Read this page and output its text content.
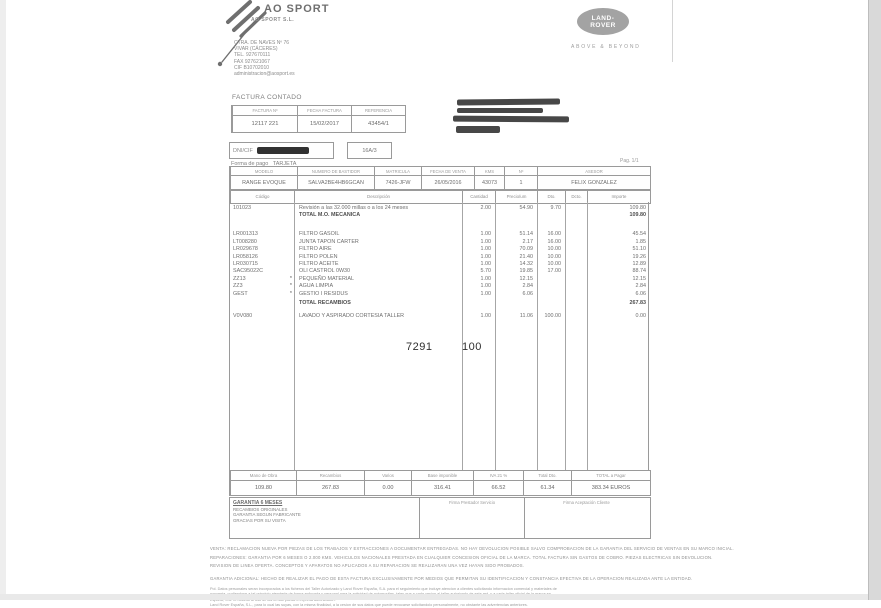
AO SPORT
AO SPORT S.L.
CTRA. DE NAVES Nº 76
VIVAR (CÁCERES)
TEL. 927670111
FAX 927621067
CIF B10702010
administracion@aosport.es
LAND-
ROVER
ABOVE & BEYOND
FACTURA CONTADO
FACTURA Nº	FECHA FACTURA	REFERENCIA
12117 221	15/02/2017	43454/1
DNI/CIF	16A/3
Forma de pago TARJETA	Pag. 1/1
MODELO	NUMERO DE BASTIDOR	MATRICULA	FECHA DE VENTA	KMS	Nº	ASESOR
RANGE EVOQUE	SALVA2BE4HB6GCAN	7426-JFW	26/05/2016	43073	1	FELIX GONZALEZ
Código	Descripción	Cantidad	Precio/um	Dto.	Dcto.	Importe
101023	Revisión a las 32.000 millas o a los 24 meses	2.00	54.90	9.70	109.80
TOTAL M.O. MECANICA	109.80
LR001313	FILTRO GASOIL	1.00	51.14	16.00	45.54
LT008280	JUNTA TAPON CARTER	1.00	2.17	16.00	1.85
LR029678	FILTRO AIRE	1.00	70.09	10.00	51.10
LR058126	FILTRO POLEN	1.00	21.40	10.00	19.26
LR030715	FILTRO ACEITE	1.00	14.32	10.00	12.89
SAC95022C	OLI CASTROL 0W30	5.70	19.85	17.00	88.74
ZZ13	*	PEQUEÑO MATERIAL	1.00	12.15	12.15
ZZ3	*	AGUA LIMPIA	1.00	2.84	2.84
GEST	*	GESTIO I RESIDUS	1.00	6.06	6.06
TOTAL RECAMBIOS	267.83
V0V080	LAVADO Y ASPIRADO CORTESIA TALLER	1.00	11.06	100.00	0.00
Mano de Obra	Recambios	Varios	Base imponible	IVA 21 %	Total Dto.	TOTAL a Pagar
109.80	267.83	0.00	316.41	66.52	61.34	383.34 EUROS
GARANTIA 6 MESES
RECAMBIOS ORIGINALES
GARANTIA SEGUN FABRICANTE
GRACIAS POR SU VISITA
Firma Prestador Servicio	Firma Aceptación Cliente
VENTA: RECLAMACION NUEVA POR PIEZAS DE LOS TRABAJOS Y EXTRACCIONES A DOCUMENTAR ENTREGADAS. NO HAY DEVOLUCION POSIBLE SALVO COMPROBACION DE LA GARANTIA DEL SERVICIO DE VENTAS EN SU MARCO INICIAL.
REPARACIONES: GARANTIA POR 6 MESES O 2.000 KMS. VEHICULOS NACIONALES PRESTADA EN CUALQUIER CONCESION OFICIAL DE LA MARCA. TOTAL FACTURA SIN GASTOS DE COBRO. PIEZAS ELECTRICAS SIN DEVOLUCION.
REVISION DE LINEA OFERTA. CONCEPTOS Y APARATOS NO APLICADOS A SU REPARACION SE REALIZARAN UNA VEZ HAYAN SIDO PROBADOS.
GARANTIA ADICIONAL: HECHO DE REALIZAR EL PAGO DE ESTA FACTURA EXCLUSIVAMENTE POR MEDIOS QUE PERMITAN SU IDENTIFICACION Y CONSTANCIA EFECTIVA DE LA OPERACION REALIZADA ANTE LA ENTIDAD.
Pol. Datos personales seran incorporados a los ficheros del Taller Autorizado y Land Rover España, S.A. para el seguimiento que incluye atencion a clientes solicitando informacion comercial y materiales de
Land Rover España, S.L., para lo cual las suyas, con la misma finalidad, a la cesion de sus datos que puede revocarse solicitandolo personalmente, no obstante las advertencias anteriores.
7291	100
